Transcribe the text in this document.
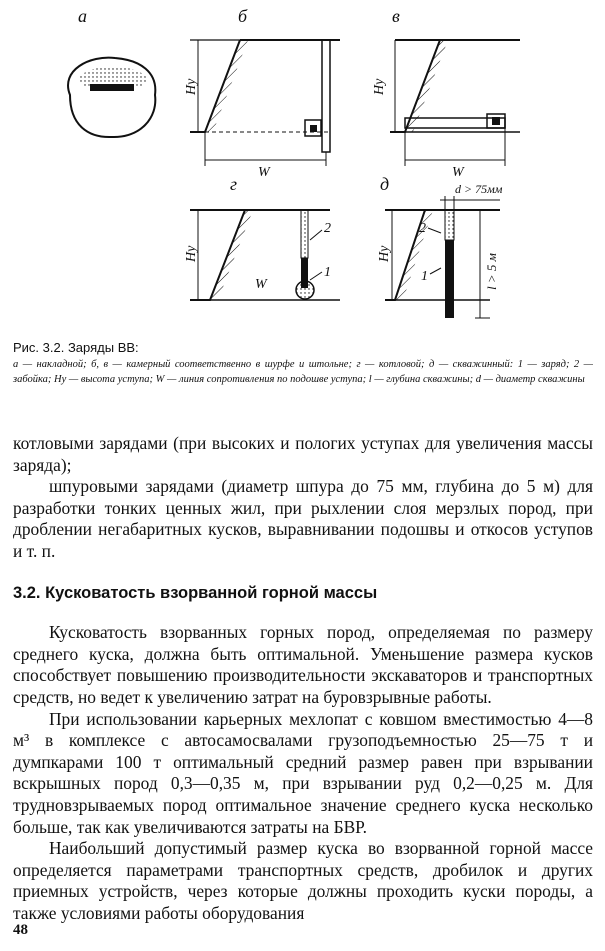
а	б	в
г	д
Hу
W
Hу
W
Hу
W
2
1
Hу
d > 75мм
l > 5 м
2
1

Рис. 3.2. Заряды ВВ:

а — накладной; б, в — камерный соответственно в шурфе и штольне; г — котловой; д — скважинный: 1 — заряд; 2 — забойка; Hу — высота уступа; W — линия сопротивления по подошве уступа; l — глубина скважины; d — диаметр скважины

котловыми зарядами (при высоких и пологих уступах для увеличения массы заряда);

шпуровыми зарядами (диаметр шпура до 75 мм, глубина до 5 м) для разработки тонких ценных жил, при рыхлении слоя мерзлых пород, при дроблении негабаритных кусков, выравнивании подошвы и откосов уступов и т. п.

3.2. Кусковатость взорванной горной массы

Кусковатость взорванных горных пород, определяемая по размеру среднего куска, должна быть оптимальной. Уменьшение размера кусков способствует повышению производительности экскаваторов и транспортных средств, но ведет к увеличению затрат на буровзрывные работы.

При использовании карьерных мехлопат с ковшом вместимостью 4—8 м³ в комплексе с автосамосвалами грузоподъемностью 25—75 т и думпкарами 100 т оптимальный средний размер равен при взрывании вскрышных пород 0,3—0,35 м, при взрывании руд 0,2—0,25 м. Для трудновзрываемых пород оптимальное значение среднего куска несколько больше, так как увеличиваются затраты на БВР.

Наибольший допустимый размер куска во взорванной горной массе определяется параметрами транспортных средств, дробилок и других приемных устройств, через которые должны проходить куски породы, а также условиями работы оборудования

48
